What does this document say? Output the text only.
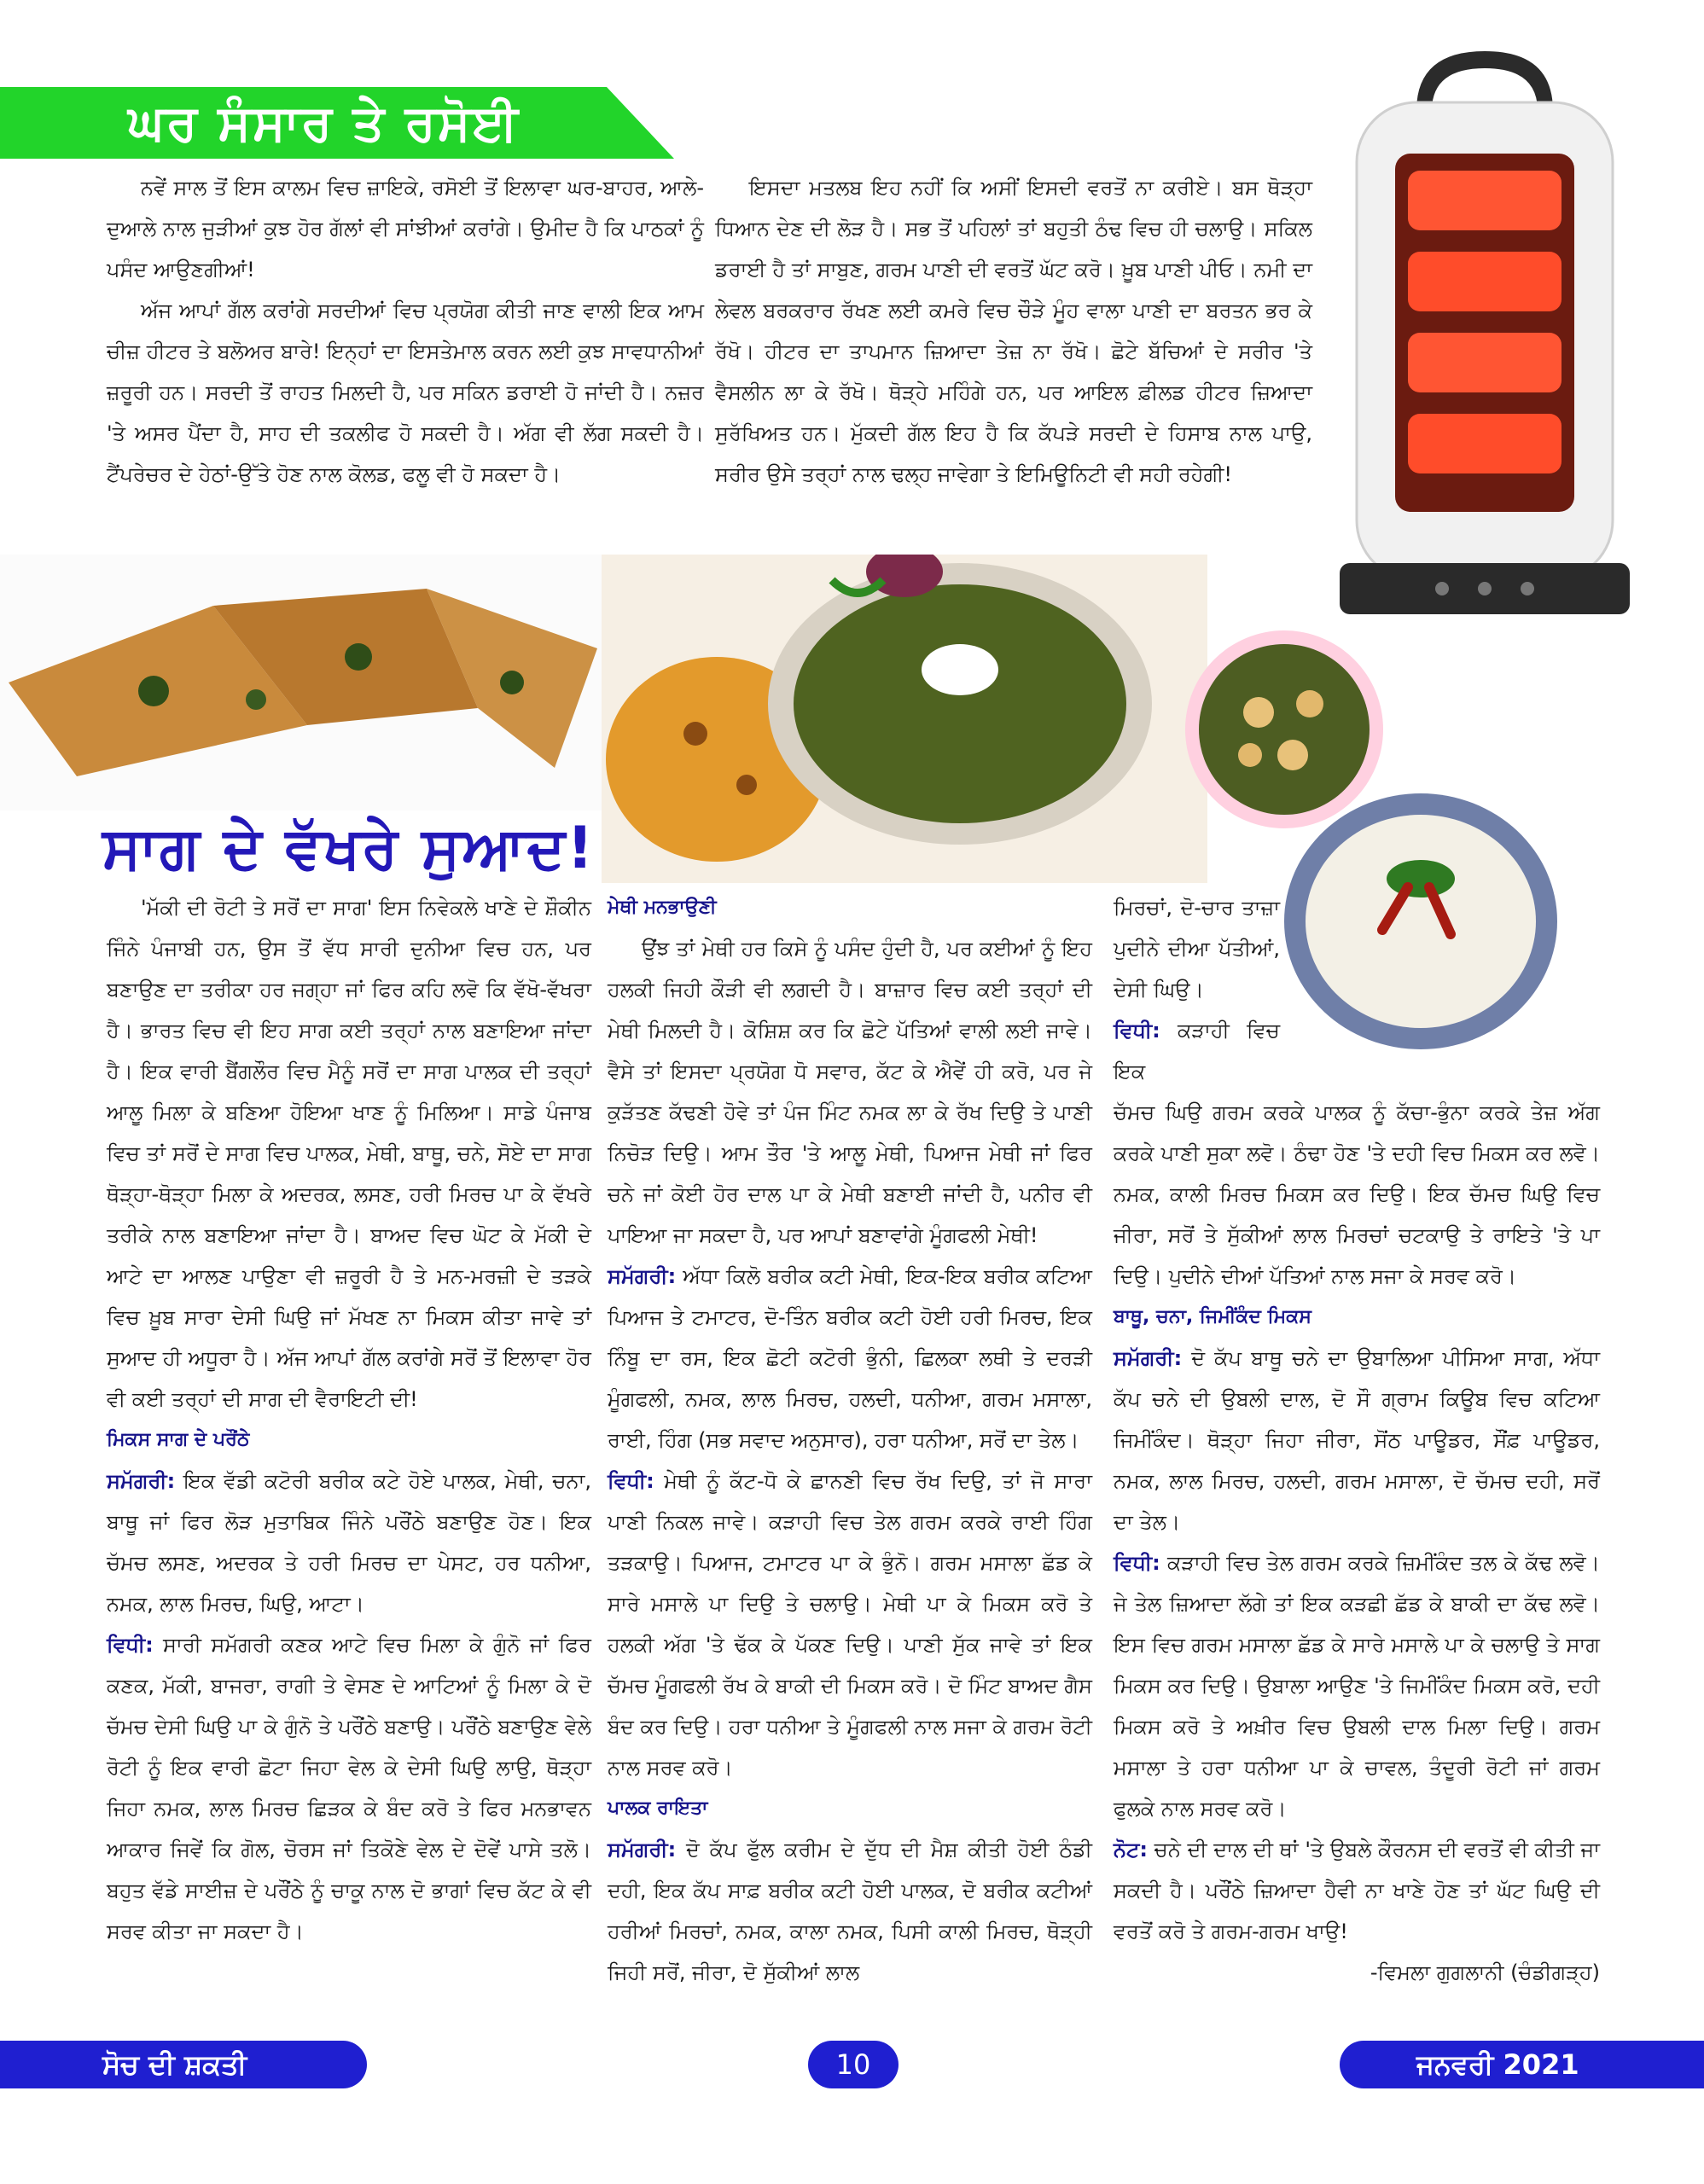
ਘਰ ਸੰਸਾਰ ਤੇ ਰਸੋਈ

ਨਵੇਂ ਸਾਲ ਤੋਂ ਇਸ ਕਾਲਮ ਵਿਚ ਜ਼ਾਇਕੇ, ਰਸੋਈ ਤੋਂ ਇਲਾਵਾ ਘਰ-ਬਾਹਰ, ਆਲੇ-ਦੁਆਲੇ ਨਾਲ ਜੁੜੀਆਂ ਕੁਝ ਹੋਰ ਗੱਲਾਂ ਵੀ ਸਾਂਝੀਆਂ ਕਰਾਂਗੇ। ਉਮੀਦ ਹੈ ਕਿ ਪਾਠਕਾਂ ਨੂੰ ਪਸੰਦ ਆਉਣਗੀਆਂ!

ਅੱਜ ਆਪਾਂ ਗੱਲ ਕਰਾਂਗੇ ਸਰਦੀਆਂ ਵਿਚ ਪ੍ਰਯੋਗ ਕੀਤੀ ਜਾਣ ਵਾਲੀ ਇਕ ਆਮ ਚੀਜ਼ ਹੀਟਰ ਤੇ ਬਲੋਅਰ ਬਾਰੇ! ਇਨ੍ਹਾਂ ਦਾ ਇਸਤੇਮਾਲ ਕਰਨ ਲਈ ਕੁਝ ਸਾਵਧਾਨੀਆਂ ਜ਼ਰੂਰੀ ਹਨ। ਸਰਦੀ ਤੋਂ ਰਾਹਤ ਮਿਲਦੀ ਹੈ, ਪਰ ਸਕਿਨ ਡਰਾਈ ਹੋ ਜਾਂਦੀ ਹੈ। ਨਜ਼ਰ 'ਤੇ ਅਸਰ ਪੈਂਦਾ ਹੈ, ਸਾਹ ਦੀ ਤਕਲੀਫ ਹੋ ਸਕਦੀ ਹੈ। ਅੱਗ ਵੀ ਲੱਗ ਸਕਦੀ ਹੈ। ਟੈਂਪਰੇਚਰ ਦੇ ਹੇਠਾਂ-ਉੱਤੇ ਹੋਣ ਨਾਲ ਕੋਲਡ, ਫਲੂ ਵੀ ਹੋ ਸਕਦਾ ਹੈ।

ਇਸਦਾ ਮਤਲਬ ਇਹ ਨਹੀਂ ਕਿ ਅਸੀਂ ਇਸਦੀ ਵਰਤੋਂ ਨਾ ਕਰੀਏ। ਬਸ ਥੋੜ੍ਹਾ ਧਿਆਨ ਦੇਣ ਦੀ ਲੋੜ ਹੈ। ਸਭ ਤੋਂ ਪਹਿਲਾਂ ਤਾਂ ਬਹੁਤੀ ਠੰਢ ਵਿਚ ਹੀ ਚਲਾਉ। ਸਕਿਲ ਡਰਾਈ ਹੈ ਤਾਂ ਸਾਬੁਣ, ਗਰਮ ਪਾਣੀ ਦੀ ਵਰਤੋਂ ਘੱਟ ਕਰੋ। ਖ਼ੂਬ ਪਾਣੀ ਪੀਓ। ਨਮੀ ਦਾ ਲੇਵਲ ਬਰਕਰਾਰ ਰੱਖਣ ਲਈ ਕਮਰੇ ਵਿਚ ਚੌੜੇ ਮੂੰਹ ਵਾਲਾ ਪਾਣੀ ਦਾ ਬਰਤਨ ਭਰ ਕੇ ਰੱਖੋ। ਹੀਟਰ ਦਾ ਤਾਪਮਾਨ ਜ਼ਿਆਦਾ ਤੇਜ਼ ਨਾ ਰੱਖੋ। ਛੋਟੇ ਬੱਚਿਆਂ ਦੇ ਸਰੀਰ 'ਤੇ ਵੈਸਲੀਨ ਲਾ ਕੇ ਰੱਖੋ। ਥੋੜ੍ਹੇ ਮਹਿੰਗੇ ਹਨ, ਪਰ ਆਇਲ ਫ਼ੀਲਡ ਹੀਟਰ ਜ਼ਿਆਦਾ ਸੁਰੱਖਿਅਤ ਹਨ। ਮੁੱਕਦੀ ਗੱਲ ਇਹ ਹੈ ਕਿ ਕੱਪੜੇ ਸਰਦੀ ਦੇ ਹਿਸਾਬ ਨਾਲ ਪਾਉ, ਸਰੀਰ ਉਸੇ ਤਰ੍ਹਾਂ ਨਾਲ ਢਲ੍ਹ ਜਾਵੇਗਾ ਤੇ ਇਮਿਊਨਿਟੀ ਵੀ ਸਹੀ ਰਹੇਗੀ!

ਸਾਗ ਦੇ ਵੱਖਰੇ ਸੁਆਦ!

'ਮੱਕੀ ਦੀ ਰੋਟੀ ਤੇ ਸਰੋਂ ਦਾ ਸਾਗ' ਇਸ ਨਿਵੇਕਲੇ ਖਾਣੇ ਦੇ ਸ਼ੌਕੀਨ ਜਿੰਨੇ ਪੰਜਾਬੀ ਹਨ, ਉਸ ਤੋਂ ਵੱਧ ਸਾਰੀ ਦੁਨੀਆ ਵਿਚ ਹਨ, ਪਰ ਬਣਾਉਣ ਦਾ ਤਰੀਕਾ ਹਰ ਜਗ੍ਹਾ ਜਾਂ ਫਿਰ ਕਹਿ ਲਵੋ ਕਿ ਵੱਖੋ-ਵੱਖਰਾ ਹੈ। ਭਾਰਤ ਵਿਚ ਵੀ ਇਹ ਸਾਗ ਕਈ ਤਰ੍ਹਾਂ ਨਾਲ ਬਣਾਇਆ ਜਾਂਦਾ ਹੈ। ਇਕ ਵਾਰੀ ਬੈਂਗਲੌਰ ਵਿਚ ਮੈਨੂੰ ਸਰੋਂ ਦਾ ਸਾਗ ਪਾਲਕ ਦੀ ਤਰ੍ਹਾਂ ਆਲੂ ਮਿਲਾ ਕੇ ਬਣਿਆ ਹੋਇਆ ਖਾਣ ਨੂੰ ਮਿਲਿਆ। ਸਾਡੇ ਪੰਜਾਬ ਵਿਚ ਤਾਂ ਸਰੋਂ ਦੇ ਸਾਗ ਵਿਚ ਪਾਲਕ, ਮੇਥੀ, ਬਾਥੂ, ਚਨੇ, ਸੋਏ ਦਾ ਸਾਗ ਥੋੜ੍ਹਾ-ਥੋੜ੍ਹਾ ਮਿਲਾ ਕੇ ਅਦਰਕ, ਲਸਣ, ਹਰੀ ਮਿਰਚ ਪਾ ਕੇ ਵੱਖਰੇ ਤਰੀਕੇ ਨਾਲ ਬਣਾਇਆ ਜਾਂਦਾ ਹੈ। ਬਾਅਦ ਵਿਚ ਘੋਟ ਕੇ ਮੱਕੀ ਦੇ ਆਟੇ ਦਾ ਆਲਣ ਪਾਉਣਾ ਵੀ ਜ਼ਰੂਰੀ ਹੈ ਤੇ ਮਨ-ਮਰਜ਼ੀ ਦੇ ਤੜਕੇ ਵਿਚ ਖ਼ੂਬ ਸਾਰਾ ਦੇਸੀ ਘਿਉ ਜਾਂ ਮੱਖਣ ਨਾ ਮਿਕਸ ਕੀਤਾ ਜਾਵੇ ਤਾਂ ਸੁਆਦ ਹੀ ਅਧੂਰਾ ਹੈ। ਅੱਜ ਆਪਾਂ ਗੱਲ ਕਰਾਂਗੇ ਸਰੋਂ ਤੋਂ ਇਲਾਵਾ ਹੋਰ ਵੀ ਕਈ ਤਰ੍ਹਾਂ ਦੀ ਸਾਗ ਦੀ ਵੈਰਾਇਟੀ ਦੀ!

ਮਿਕਸ ਸਾਗ ਦੇ ਪਰੌਂਠੇ

ਸਮੱਗਰੀ: ਇਕ ਵੱਡੀ ਕਟੋਰੀ ਬਰੀਕ ਕਟੇ ਹੋਏ ਪਾਲਕ, ਮੇਥੀ, ਚਨਾ, ਬਾਥੂ ਜਾਂ ਫਿਰ ਲੋੜ ਮੁਤਾਬਿਕ ਜਿੰਨੇ ਪਰੌਂਠੇ ਬਣਾਉਣ ਹੋਣ। ਇਕ ਚੱਮਚ ਲਸਣ, ਅਦਰਕ ਤੇ ਹਰੀ ਮਿਰਚ ਦਾ ਪੇਸਟ, ਹਰ ਧਨੀਆ, ਨਮਕ, ਲਾਲ ਮਿਰਚ, ਘਿਉ, ਆਟਾ।

ਵਿਧੀ: ਸਾਰੀ ਸਮੱਗਰੀ ਕਣਕ ਆਟੇ ਵਿਚ ਮਿਲਾ ਕੇ ਗੁੰਨੋ ਜਾਂ ਫਿਰ ਕਣਕ, ਮੱਕੀ, ਬਾਜਰਾ, ਰਾਗੀ ਤੇ ਵੇਸਣ ਦੇ ਆਟਿਆਂ ਨੂੰ ਮਿਲਾ ਕੇ ਦੋ ਚੱਮਚ ਦੇਸੀ ਘਿਉ ਪਾ ਕੇ ਗੁੰਨੋ ਤੇ ਪਰੌਂਠੇ ਬਣਾਉ। ਪਰੌਂਠੇ ਬਣਾਉਣ ਵੇਲੇ ਰੋਟੀ ਨੂੰ ਇਕ ਵਾਰੀ ਛੋਟਾ ਜਿਹਾ ਵੇਲ ਕੇ ਦੇਸੀ ਘਿਉ ਲਾਉ, ਥੋੜ੍ਹਾ ਜਿਹਾ ਨਮਕ, ਲਾਲ ਮਿਰਚ ਛਿੜਕ ਕੇ ਬੰਦ ਕਰੋ ਤੇ ਫਿਰ ਮਨਭਾਵਨ ਆਕਾਰ ਜਿਵੇਂ ਕਿ ਗੋਲ, ਚੋਰਸ ਜਾਂ ਤਿਕੋਣੇ ਵੇਲ ਦੇ ਦੋਵੇਂ ਪਾਸੇ ਤਲੋ। ਬਹੁਤ ਵੱਡੇ ਸਾਈਜ਼ ਦੇ ਪਰੌਂਠੇ ਨੂੰ ਚਾਕੂ ਨਾਲ ਦੋ ਭਾਗਾਂ ਵਿਚ ਕੱਟ ਕੇ ਵੀ ਸਰਵ ਕੀਤਾ ਜਾ ਸਕਦਾ ਹੈ।

ਮੇਥੀ ਮਨਭਾਉਣੀ

ਉਂਝ ਤਾਂ ਮੇਥੀ ਹਰ ਕਿਸੇ ਨੂੰ ਪਸੰਦ ਹੁੰਦੀ ਹੈ, ਪਰ ਕਈਆਂ ਨੂੰ ਇਹ ਹਲਕੀ ਜਿਹੀ ਕੌੜੀ ਵੀ ਲਗਦੀ ਹੈ। ਬਾਜ਼ਾਰ ਵਿਚ ਕਈ ਤਰ੍ਹਾਂ ਦੀ ਮੇਥੀ ਮਿਲਦੀ ਹੈ। ਕੋਸ਼ਿਸ਼ ਕਰ ਕਿ ਛੋਟੇ ਪੱਤਿਆਂ ਵਾਲੀ ਲਈ ਜਾਵੇ। ਵੈਸੇ ਤਾਂ ਇਸਦਾ ਪ੍ਰਯੋਗ ਧੋ ਸਵਾਰ, ਕੱਟ ਕੇ ਐਵੇਂ ਹੀ ਕਰੋ, ਪਰ ਜੇ ਕੁੜੱਤਣ ਕੱਢਣੀ ਹੋਵੇ ਤਾਂ ਪੰਜ ਮਿੰਟ ਨਮਕ ਲਾ ਕੇ ਰੱਖ ਦਿਉ ਤੇ ਪਾਣੀ ਨਿਚੋੜ ਦਿਉ। ਆਮ ਤੌਰ 'ਤੇ ਆਲੂ ਮੇਥੀ, ਪਿਆਜ ਮੇਥੀ ਜਾਂ ਫਿਰ ਚਨੇ ਜਾਂ ਕੋਈ ਹੋਰ ਦਾਲ ਪਾ ਕੇ ਮੇਥੀ ਬਣਾਈ ਜਾਂਦੀ ਹੈ, ਪਨੀਰ ਵੀ ਪਾਇਆ ਜਾ ਸਕਦਾ ਹੈ, ਪਰ ਆਪਾਂ ਬਣਾਵਾਂਗੇ ਮੂੰਗਫਲੀ ਮੇਥੀ!

ਸਮੱਗਰੀ: ਅੱਧਾ ਕਿਲੋ ਬਰੀਕ ਕਟੀ ਮੇਥੀ, ਇਕ-ਇਕ ਬਰੀਕ ਕਟਿਆ ਪਿਆਜ ਤੇ ਟਮਾਟਰ, ਦੋ-ਤਿੰਨ ਬਰੀਕ ਕਟੀ ਹੋਈ ਹਰੀ ਮਿਰਚ, ਇਕ ਨਿੰਬੂ ਦਾ ਰਸ, ਇਕ ਛੋਟੀ ਕਟੋਰੀ ਭੁੰਨੀ, ਛਿਲਕਾ ਲਥੀ ਤੇ ਦਰੜੀ ਮੂੰਗਫਲੀ, ਨਮਕ, ਲਾਲ ਮਿਰਚ, ਹਲਦੀ, ਧਨੀਆ, ਗਰਮ ਮਸਾਲਾ, ਰਾਈ, ਹਿੰਗ (ਸਭ ਸਵਾਦ ਅਨੁਸਾਰ), ਹਰਾ ਧਨੀਆ, ਸਰੋਂ ਦਾ ਤੇਲ।

ਵਿਧੀ: ਮੇਥੀ ਨੂੰ ਕੱਟ-ਧੋ ਕੇ ਛਾਨਣੀ ਵਿਚ ਰੱਖ ਦਿਉ, ਤਾਂ ਜੋ ਸਾਰਾ ਪਾਣੀ ਨਿਕਲ ਜਾਵੇ। ਕੜਾਹੀ ਵਿਚ ਤੇਲ ਗਰਮ ਕਰਕੇ ਰਾਈ ਹਿੰਗ ਤੜਕਾਉ। ਪਿਆਜ, ਟਮਾਟਰ ਪਾ ਕੇ ਭੁੰਨੋ। ਗਰਮ ਮਸਾਲਾ ਛੱਡ ਕੇ ਸਾਰੇ ਮਸਾਲੇ ਪਾ ਦਿਉ ਤੇ ਚਲਾਉ। ਮੇਥੀ ਪਾ ਕੇ ਮਿਕਸ ਕਰੋ ਤੇ ਹਲਕੀ ਅੱਗ 'ਤੇ ਢੱਕ ਕੇ ਪੱਕਣ ਦਿਉ। ਪਾਣੀ ਸੁੱਕ ਜਾਵੇ ਤਾਂ ਇਕ ਚੱਮਚ ਮੂੰਗਫਲੀ ਰੱਖ ਕੇ ਬਾਕੀ ਦੀ ਮਿਕਸ ਕਰੋ। ਦੋ ਮਿੰਟ ਬਾਅਦ ਗੈਸ ਬੰਦ ਕਰ ਦਿਉ। ਹਰਾ ਧਨੀਆ ਤੇ ਮੂੰਗਫਲੀ ਨਾਲ ਸਜਾ ਕੇ ਗਰਮ ਰੋਟੀ ਨਾਲ ਸਰਵ ਕਰੋ।

ਪਾਲਕ ਰਾਇਤਾ

ਸਮੱਗਰੀ: ਦੋ ਕੱਪ ਫੁੱਲ ਕਰੀਮ ਦੇ ਦੁੱਧ ਦੀ ਮੈਸ਼ ਕੀਤੀ ਹੋਈ ਠੰਡੀ ਦਹੀ, ਇਕ ਕੱਪ ਸਾਫ਼ ਬਰੀਕ ਕਟੀ ਹੋਈ ਪਾਲਕ, ਦੋ ਬਰੀਕ ਕਟੀਆਂ ਹਰੀਆਂ ਮਿਰਚਾਂ, ਨਮਕ, ਕਾਲਾ ਨਮਕ, ਪਿਸੀ ਕਾਲੀ ਮਿਰਚ, ਥੋੜ੍ਹੀ ਜਿਹੀ ਸਰੋਂ, ਜੀਰਾ, ਦੋ ਸੁੱਕੀਆਂ ਲਾਲ

ਮਿਰਚਾਂ, ਦੋ-ਚਾਰ ਤਾਜ਼ਾ ਪੁਦੀਨੇ ਦੀਆ ਪੱਤੀਆਂ, ਦੇਸੀ ਘਿਉ।

ਵਿਧੀ: ਕੜਾਹੀ ਵਿਚ ਇਕ

ਚੱਮਚ ਘਿਉ ਗਰਮ ਕਰਕੇ ਪਾਲਕ ਨੂੰ ਕੱਚਾ-ਭੁੰਨਾ ਕਰਕੇ ਤੇਜ਼ ਅੱਗ ਕਰਕੇ ਪਾਣੀ ਸੁਕਾ ਲਵੋ। ਠੰਢਾ ਹੋਣ 'ਤੇ ਦਹੀ ਵਿਚ ਮਿਕਸ ਕਰ ਲਵੋ। ਨਮਕ, ਕਾਲੀ ਮਿਰਚ ਮਿਕਸ ਕਰ ਦਿਉ। ਇਕ ਚੱਮਚ ਘਿਉ ਵਿਚ ਜੀਰਾ, ਸਰੋਂ ਤੇ ਸੁੱਕੀਆਂ ਲਾਲ ਮਿਰਚਾਂ ਚਟਕਾਉ ਤੇ ਰਾਇਤੇ 'ਤੇ ਪਾ ਦਿਉ। ਪੁਦੀਨੇ ਦੀਆਂ ਪੱਤਿਆਂ ਨਾਲ ਸਜਾ ਕੇ ਸਰਵ ਕਰੋ।

ਬਾਥੂ, ਚਨਾ, ਜਿਮੀਂਕੰਦ ਮਿਕਸ

ਸਮੱਗਰੀ: ਦੋ ਕੱਪ ਬਾਥੂ ਚਨੇ ਦਾ ਉਬਾਲਿਆ ਪੀਸਿਆ ਸਾਗ, ਅੱਧਾ ਕੱਪ ਚਨੇ ਦੀ ਉਬਲੀ ਦਾਲ, ਦੋ ਸੌ ਗ੍ਰਾਮ ਕਿਊਬ ਵਿਚ ਕਟਿਆ ਜਿਮੀਂਕੰਦ। ਥੋੜ੍ਹਾ ਜਿਹਾ ਜੀਰਾ, ਸੋਂਠ ਪਾਊਡਰ, ਸੌਂਫ਼ ਪਾਊਡਰ, ਨਮਕ, ਲਾਲ ਮਿਰਚ, ਹਲਦੀ, ਗਰਮ ਮਸਾਲਾ, ਦੋ ਚੱਮਚ ਦਹੀ, ਸਰੋਂ ਦਾ ਤੇਲ।

ਵਿਧੀ: ਕੜਾਹੀ ਵਿਚ ਤੇਲ ਗਰਮ ਕਰਕੇ ਜ਼ਿਮੀਂਕੰਦ ਤਲ ਕੇ ਕੱਢ ਲਵੋ। ਜੇ ਤੇਲ ਜ਼ਿਆਦਾ ਲੱਗੇ ਤਾਂ ਇਕ ਕੜਛੀ ਛੱਡ ਕੇ ਬਾਕੀ ਦਾ ਕੱਢ ਲਵੋ। ਇਸ ਵਿਚ ਗਰਮ ਮਸਾਲਾ ਛੱਡ ਕੇ ਸਾਰੇ ਮਸਾਲੇ ਪਾ ਕੇ ਚਲਾਉ ਤੇ ਸਾਗ ਮਿਕਸ ਕਰ ਦਿਉ। ਉਬਾਲਾ ਆਉਣ 'ਤੇ ਜਿਮੀਂਕੰਦ ਮਿਕਸ ਕਰੋ, ਦਹੀ ਮਿਕਸ ਕਰੋ ਤੇ ਅਖ਼ੀਰ ਵਿਚ ਉਬਲੀ ਦਾਲ ਮਿਲਾ ਦਿਉ। ਗਰਮ ਮਸਾਲਾ ਤੇ ਹਰਾ ਧਨੀਆ ਪਾ ਕੇ ਚਾਵਲ, ਤੰਦੂਰੀ ਰੋਟੀ ਜਾਂ ਗਰਮ ਫੁਲਕੇ ਨਾਲ ਸਰਵ ਕਰੋ।

ਨੋਟ: ਚਨੇ ਦੀ ਦਾਲ ਦੀ ਥਾਂ 'ਤੇ ਉਬਲੇ ਕੌਰਨਸ ਦੀ ਵਰਤੋਂ ਵੀ ਕੀਤੀ ਜਾ ਸਕਦੀ ਹੈ। ਪਰੌਂਠੇ ਜ਼ਿਆਦਾ ਹੈਵੀ ਨਾ ਖਾਣੇ ਹੋਣ ਤਾਂ ਘੱਟ ਘਿਉ ਦੀ ਵਰਤੋਂ ਕਰੋ ਤੇ ਗਰਮ-ਗਰਮ ਖਾਉ!

-ਵਿਮਲਾ ਗੁਗਲਾਨੀ (ਚੰਡੀਗੜ੍ਹ)

ਸੋਚ ਦੀ ਸ਼ਕਤੀ	10	ਜਨਵਰੀ 2021
